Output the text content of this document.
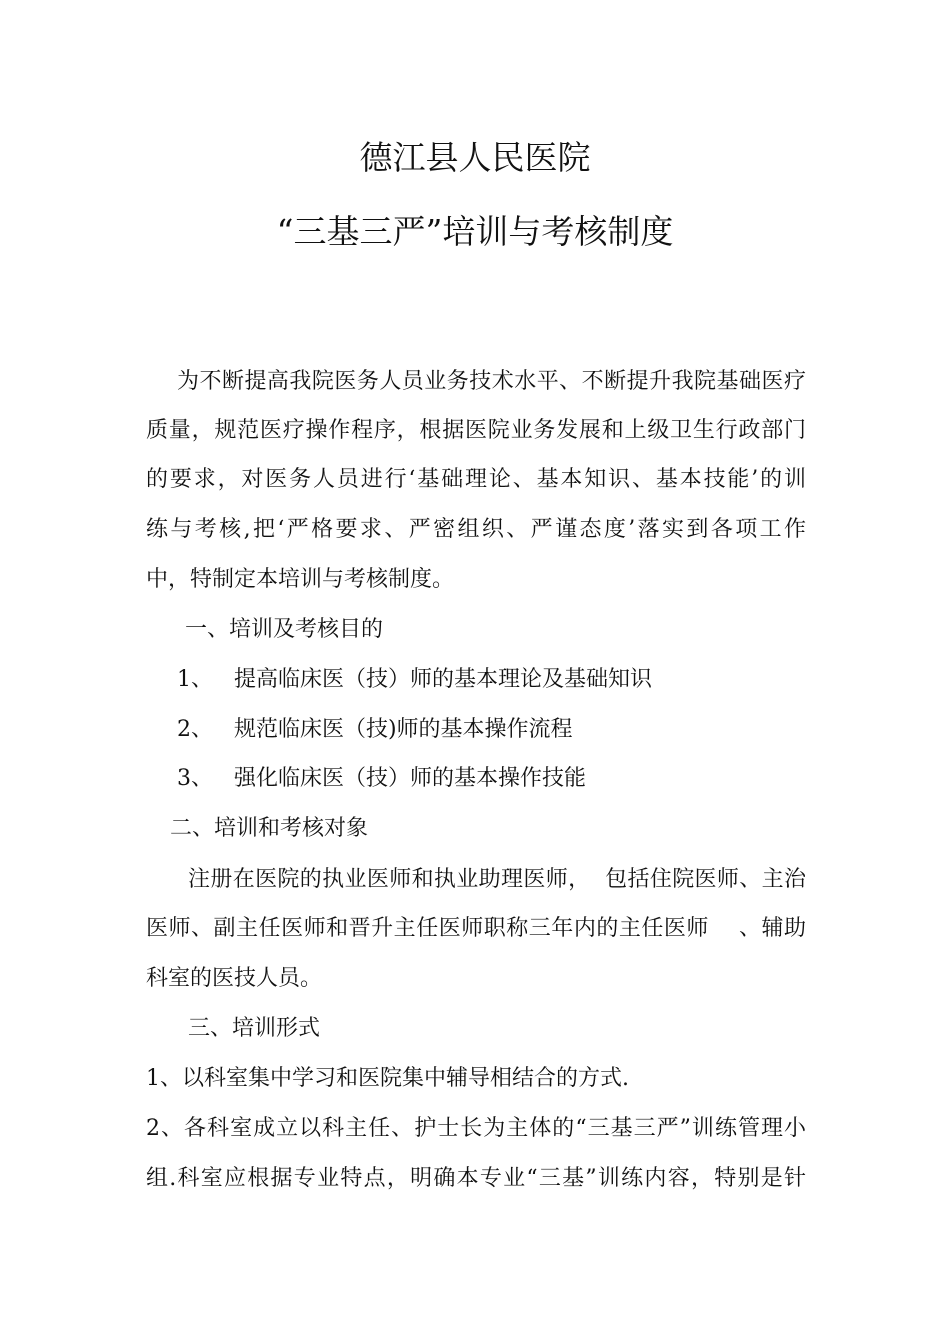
德江县人民医院
“三基三严”培训与考核制度
为不断提高我院医务人员业务技术水平、不断提升我院基础医疗
质量，规范医疗操作程序，根据医院业务发展和上级卫生行政部门
的要求，对医务人员进行‘基础理论、基本知识、基本技能’的训
练与考核,把‘严格要求、严密组织、严谨态度’落实到各项工作
中，特制定本培训与考核制度。
一、培训及考核目的
1、   提高临床医（技）师的基本理论及基础知识
2、   规范临床医（技)师的基本操作流程
3、   强化临床医（技）师的基本操作技能
二、培训和考核对象
注册在医院的执业医师和执业助理医师，  包括住院医师、主治
医师、副主任医师和晋升主任医师职称三年内的主任医师    、辅助
科室的医技人员。
三、培训形式
1、以科室集中学习和医院集中辅导相结合的方式.
2、各科室成立以科主任、护士长为主体的“三基三严”训练管理小
组.科室应根据专业特点，明确本专业“三基”训练内容，特别是针
